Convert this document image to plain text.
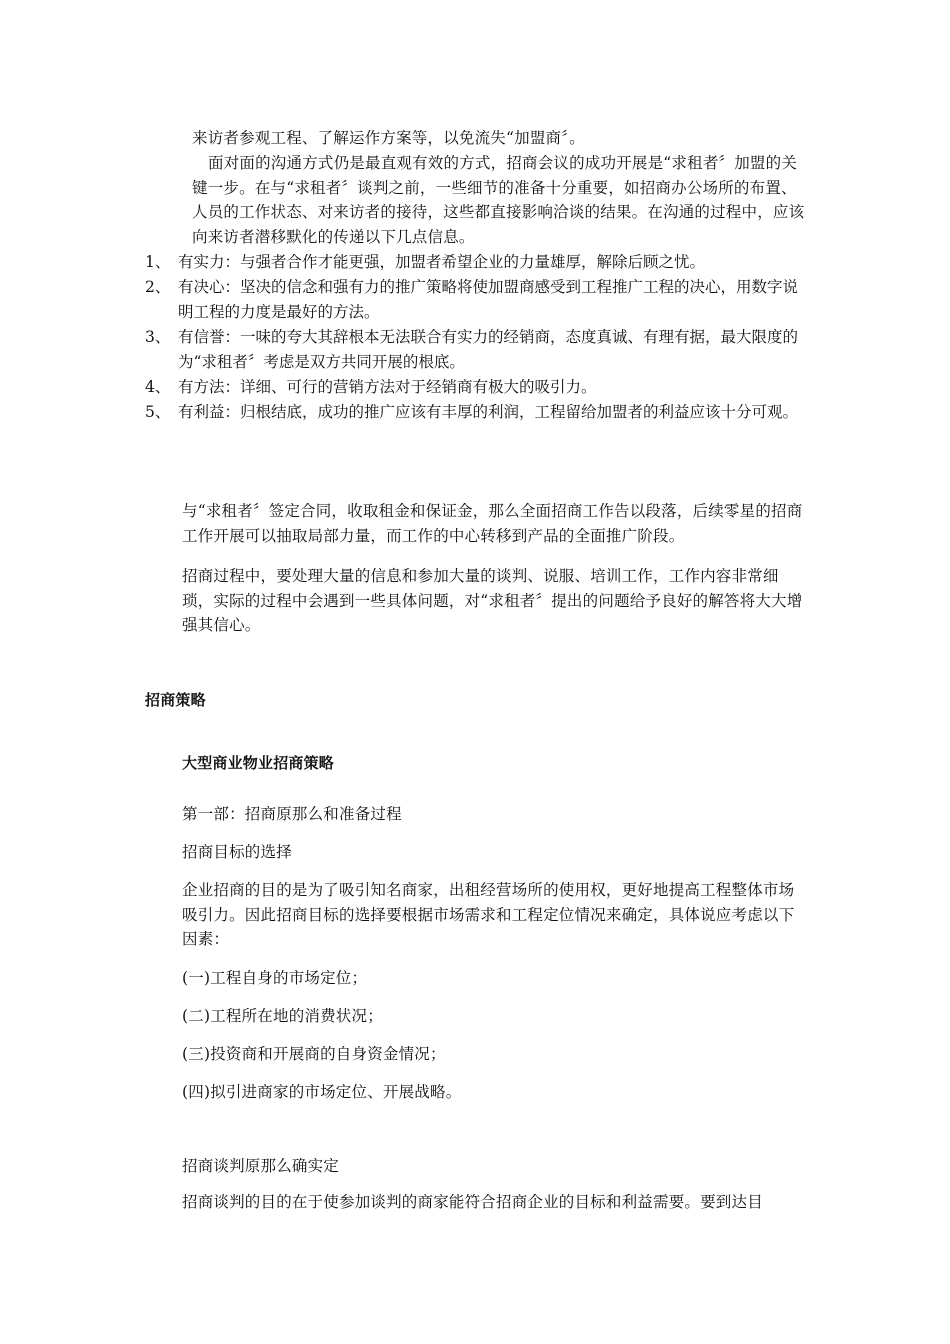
来访者参观工程、了解运作方案等，以免流失“加盟商〞。

面对面的沟通方式仍是最直观有效的方式，招商会议的成功开展是“求租者〞加盟的关键一步。在与“求租者〞谈判之前，一些细节的准备十分重要，如招商办公场所的布置、人员的工作状态、对来访者的接待，这些都直接影响洽谈的结果。在沟通的过程中，应该向来访者潜移默化的传递以下几点信息。

1、 有实力：与强者合作才能更强，加盟者希望企业的力量雄厚，解除后顾之忧。

2、 有决心：坚决的信念和强有力的推广策略将使加盟商感受到工程推广工程的决心，用数字说明工程的力度是最好的方法。

3、 有信誉：一味的夸大其辞根本无法联合有实力的经销商，态度真诚、有理有据，最大限度的为“求租者〞考虑是双方共同开展的根底。

4、 有方法：详细、可行的营销方法对于经销商有极大的吸引力。

5、 有利益：归根结底，成功的推广应该有丰厚的利润，工程留给加盟者的利益应该十分可观。

与“求租者〞签定合同，收取租金和保证金，那么全面招商工作告以段落，后续零星的招商工作开展可以抽取局部力量，而工作的中心转移到产品的全面推广阶段。

招商过程中，要处理大量的信息和参加大量的谈判、说服、培训工作，工作内容非常细琐，实际的过程中会遇到一些具体问题，对“求租者〞提出的问题给予良好的解答将大大增强其信心。

招商策略

大型商业物业招商策略

第一部：招商原那么和准备过程

招商目标的选择

企业招商的目的是为了吸引知名商家，出租经营场所的使用权，更好地提高工程整体市场吸引力。因此招商目标的选择要根据市场需求和工程定位情况来确定，具体说应考虑以下因素：

(一)工程自身的市场定位；

(二)工程所在地的消费状况；

(三)投资商和开展商的自身资金情况；

(四)拟引进商家的市场定位、开展战略。

招商谈判原那么确实定

招商谈判的目的在于使参加谈判的商家能符合招商企业的目标和利益需要。要到达目
